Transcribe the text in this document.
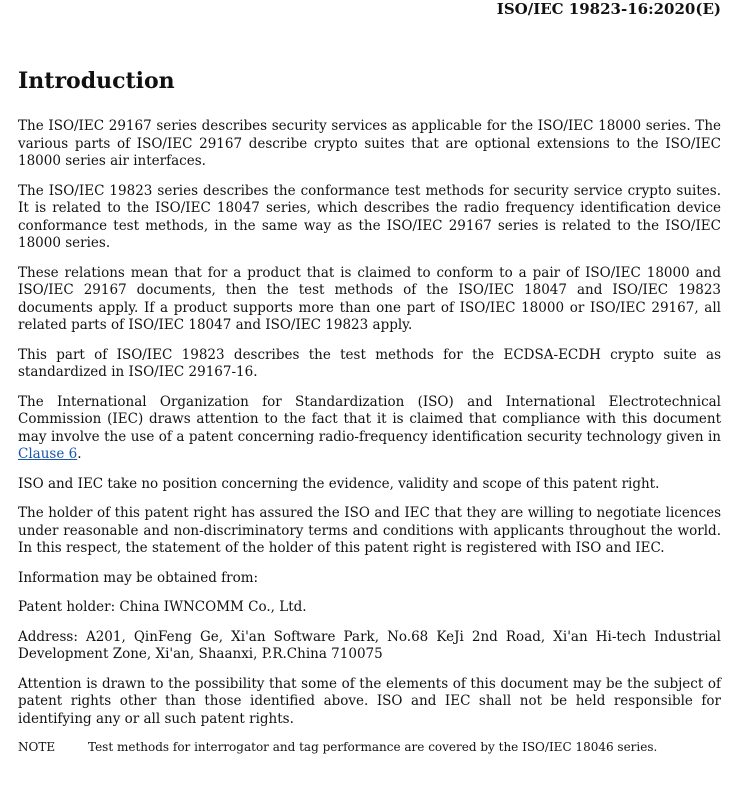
ISO/IEC 19823-16:2020(E)
Introduction

The ISO/IEC 29167 series describes security services as applicable for the ISO/IEC 18000 series. The various parts of ISO/IEC 29167 describe crypto suites that are optional extensions to the ISO/IEC 18000 series air interfaces.

The ISO/IEC 19823 series describes the conformance test methods for security service crypto suites. It is related to the ISO/IEC 18047 series, which describes the radio frequency identification device conformance test methods, in the same way as the ISO/IEC 29167 series is related to the ISO/IEC 18000 series.

These relations mean that for a product that is claimed to conform to a pair of ISO/IEC 18000 and ISO/IEC 29167 documents, then the test methods of the ISO/IEC 18047 and ISO/IEC 19823 documents apply. If a product supports more than one part of ISO/IEC 18000 or ISO/IEC 29167, all related parts of ISO/IEC 18047 and ISO/IEC 19823 apply.

This part of ISO/IEC 19823 describes the test methods for the ECDSA-ECDH crypto suite as standardized in ISO/IEC 29167-16.

The International Organization for Standardization (ISO) and International Electrotechnical Commission (IEC) draws attention to the fact that it is claimed that compliance with this document may involve the use of a patent concerning radio-frequency identification security technology given in Clause 6.

ISO and IEC take no position concerning the evidence, validity and scope of this patent right.

The holder of this patent right has assured the ISO and IEC that they are willing to negotiate licences under reasonable and non-discriminatory terms and conditions with applicants throughout the world. In this respect, the statement of the holder of this patent right is registered with ISO and IEC.

Information may be obtained from:

Patent holder: China IWNCOMM Co., Ltd.

Address: A201, QinFeng Ge, Xi'an Software Park, No.68 KeJi 2nd Road, Xi'an Hi-tech Industrial Development Zone, Xi'an, Shaanxi, P.R.China 710075

Attention is drawn to the possibility that some of the elements of this document may be the subject of patent rights other than those identified above. ISO and IEC shall not be held responsible for identifying any or all such patent rights.

NOTE	Test methods for interrogator and tag performance are covered by the ISO/IEC 18046 series.
